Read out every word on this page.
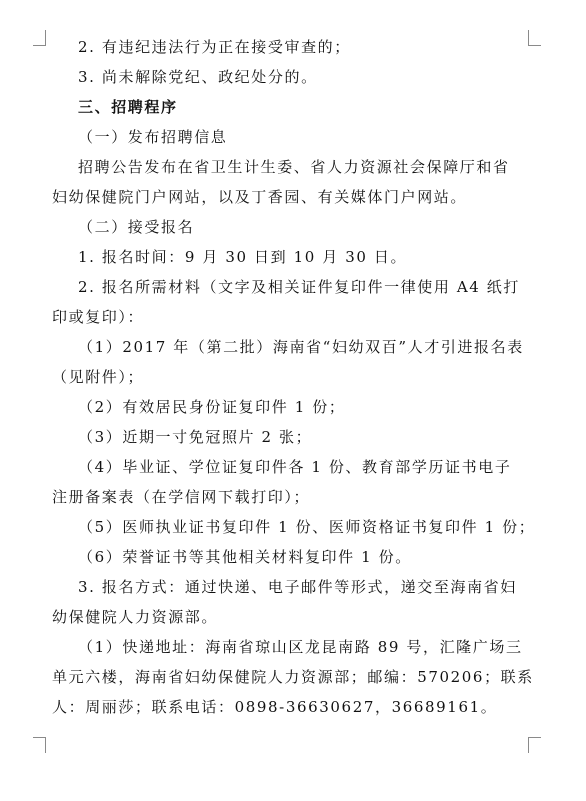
2. 有违纪违法行为正在接受审查的；
3. 尚未解除党纪、政纪处分的。
三、招聘程序
（一）发布招聘信息
招聘公告发布在省卫生计生委、省人力资源社会保障厅和省
妇幼保健院门户网站，以及丁香园、有关媒体门户网站。
（二）接受报名
1. 报名时间：9 月 30 日到 10 月 30 日。
2. 报名所需材料（文字及相关证件复印件一律使用 A4 纸打
印或复印）：
（1）2017 年（第二批）海南省“妇幼双百”人才引进报名表
（见附件）；
（2）有效居民身份证复印件 1 份；
（3）近期一寸免冠照片 2 张；
（4）毕业证、学位证复印件各 1 份、教育部学历证书电子
注册备案表（在学信网下载打印）；
（5）医师执业证书复印件 1 份、医师资格证书复印件 1 份；
（6）荣誉证书等其他相关材料复印件 1 份。
3. 报名方式：通过快递、电子邮件等形式，递交至海南省妇
幼保健院人力资源部。
（1）快递地址：海南省琼山区龙昆南路 89 号，汇隆广场三
单元六楼，海南省妇幼保健院人力资源部；邮编：570206；联系
人：周丽莎；联系电话：0898-36630627，36689161。
